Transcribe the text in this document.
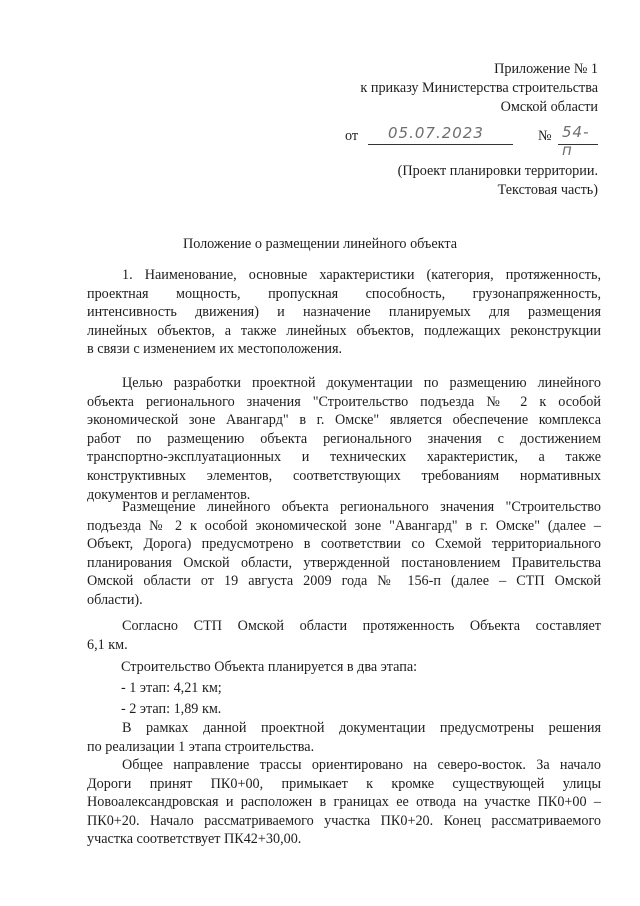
Приложение № 1
к приказу Министерства строительства
Омской области
от 05.07.2023	№ 54-п
(Проект планировки территории.
Текстовая часть)
Положение о размещении линейного объекта
1. Наименование, основные характеристики (категория, протяженность,
проектная мощность, пропускная способность, грузонапряженность,
интенсивность движения) и назначение планируемых для размещения
линейных объектов, а также линейных объектов, подлежащих реконструкции
в связи с изменением их местоположения.
Целью разработки проектной документации по размещению линейного
объекта регионального значения "Строительство подъезда № 2 к особой
экономической зоне Авангард" в г. Омске" является обеспечение комплекса
работ по размещению объекта регионального значения с достижением
транспортно-эксплуатационных и технических характеристик, а также
конструктивных элементов, соответствующих требованиям нормативных
документов и регламентов.
Размещение линейного объекта регионального значения "Строительство
подъезда № 2 к особой экономической зоне "Авангард" в г. Омске" (далее –
Объект, Дорога) предусмотрено в соответствии со Схемой территориального
планирования Омской области, утвержденной постановлением Правительства
Омской области от 19 августа 2009 года № 156-п (далее – СТП Омской
области).
Согласно СТП Омской области протяженность Объекта составляет
6,1 км.
Строительство Объекта планируется в два этапа:
- 1 этап: 4,21 км;
- 2 этап: 1,89 км.
В рамках данной проектной документации предусмотрены решения
по реализации 1 этапа строительства.
Общее направление трассы ориентировано на северо-восток. За начало
Дороги принят ПК0+00, примыкает к кромке существующей улицы
Новоалександровская и расположен в границах ее отвода на участке ПК0+00 –
ПК0+20. Начало рассматриваемого участка ПК0+20. Конец рассматриваемого
участка соответствует ПК42+30,00.
